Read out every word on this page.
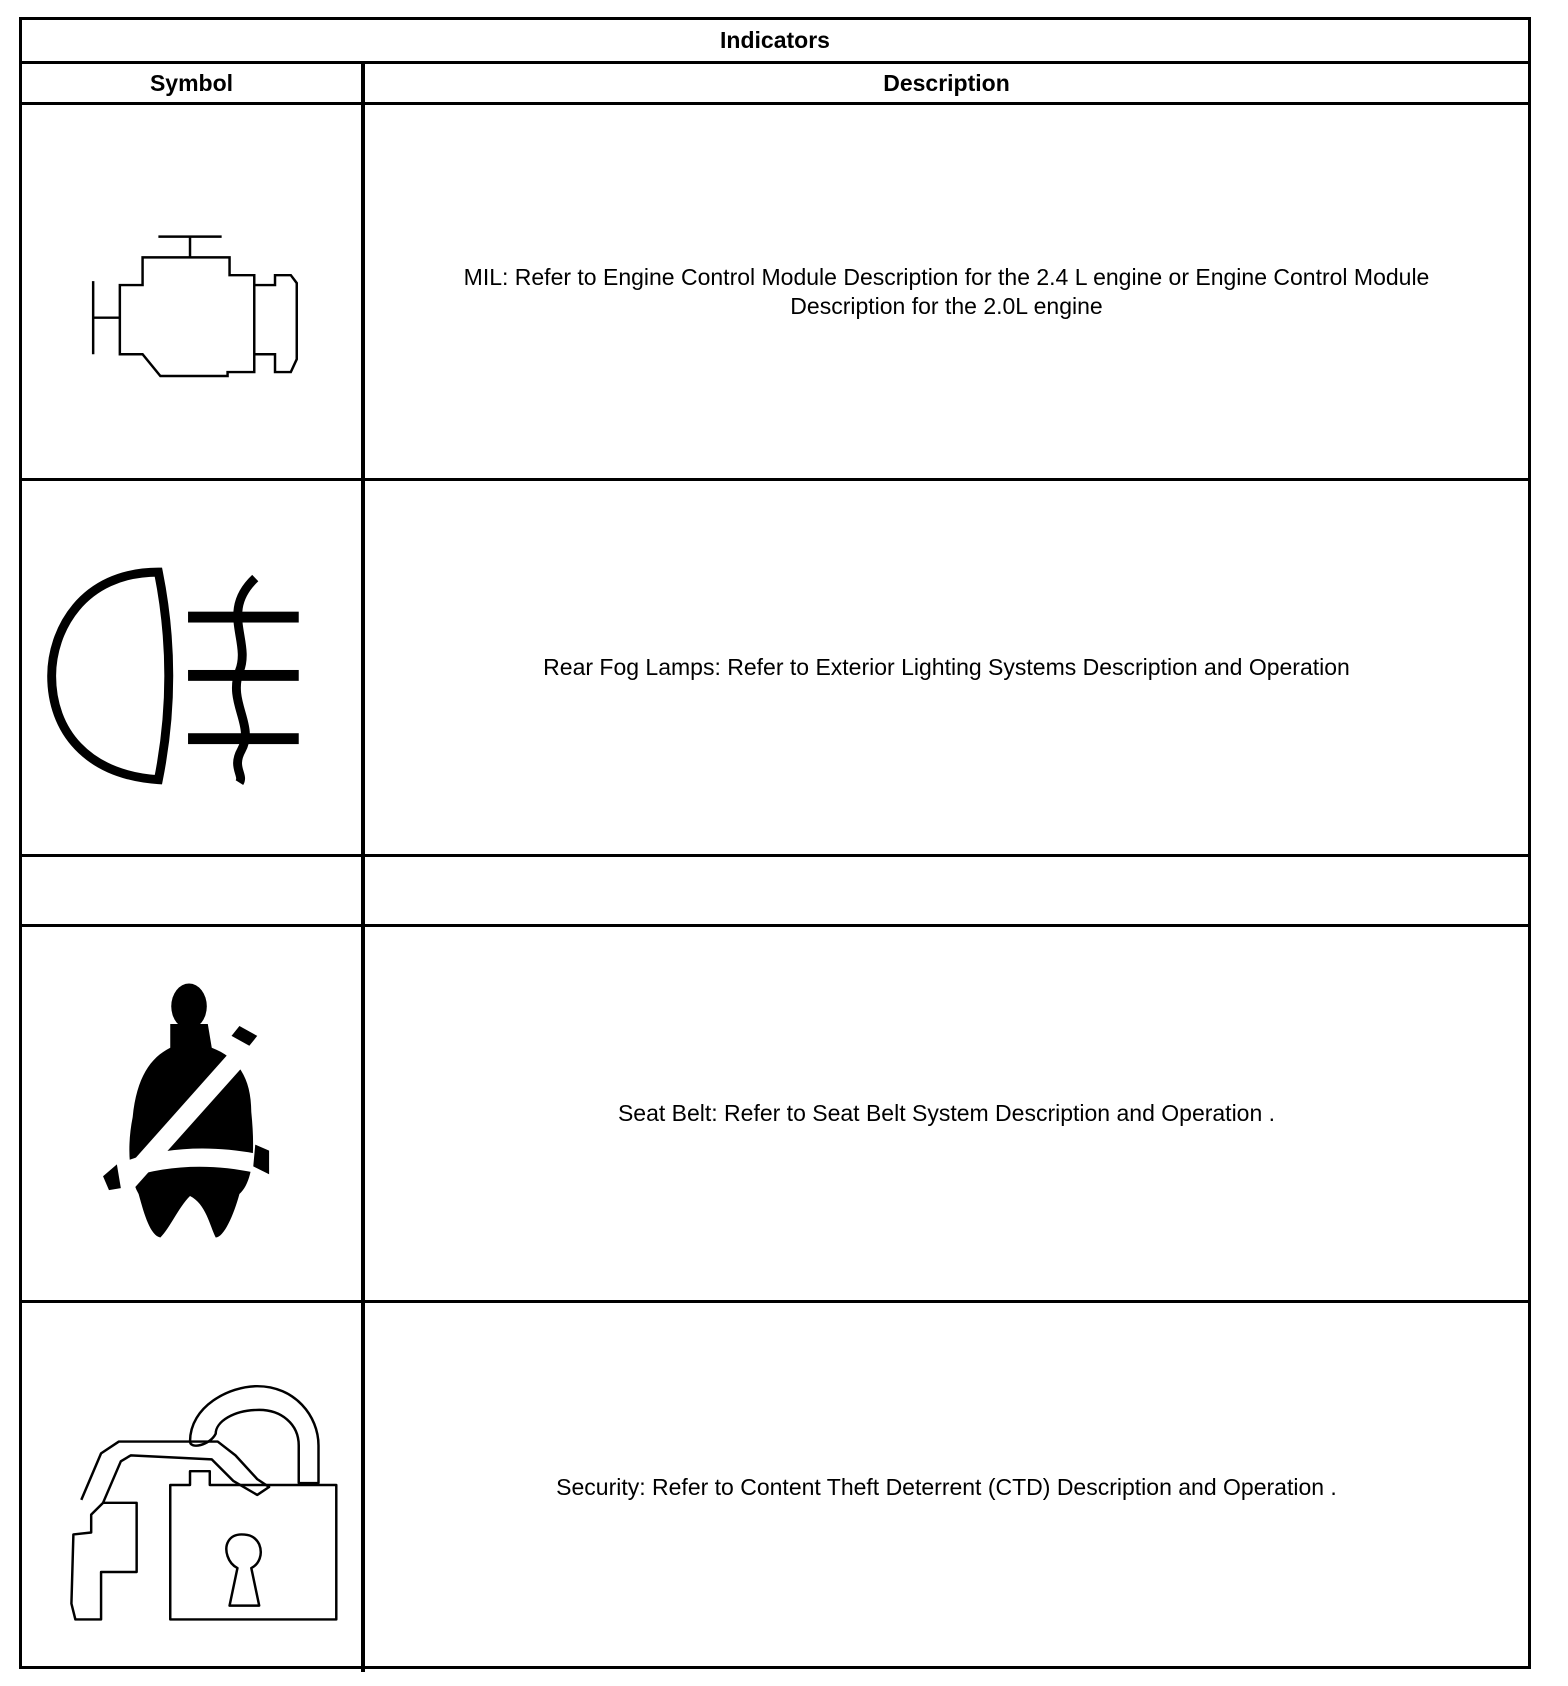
Indicators
Symbol	Description
MIL: Refer to Engine Control Module Description for the 2.4 L engine or Engine Control Module Description for the 2.0L engine
Rear Fog Lamps: Refer to Exterior Lighting Systems Description and Operation
Seat Belt: Refer to Seat Belt System Description and Operation .
Security: Refer to Content Theft Deterrent (CTD) Description and Operation .
